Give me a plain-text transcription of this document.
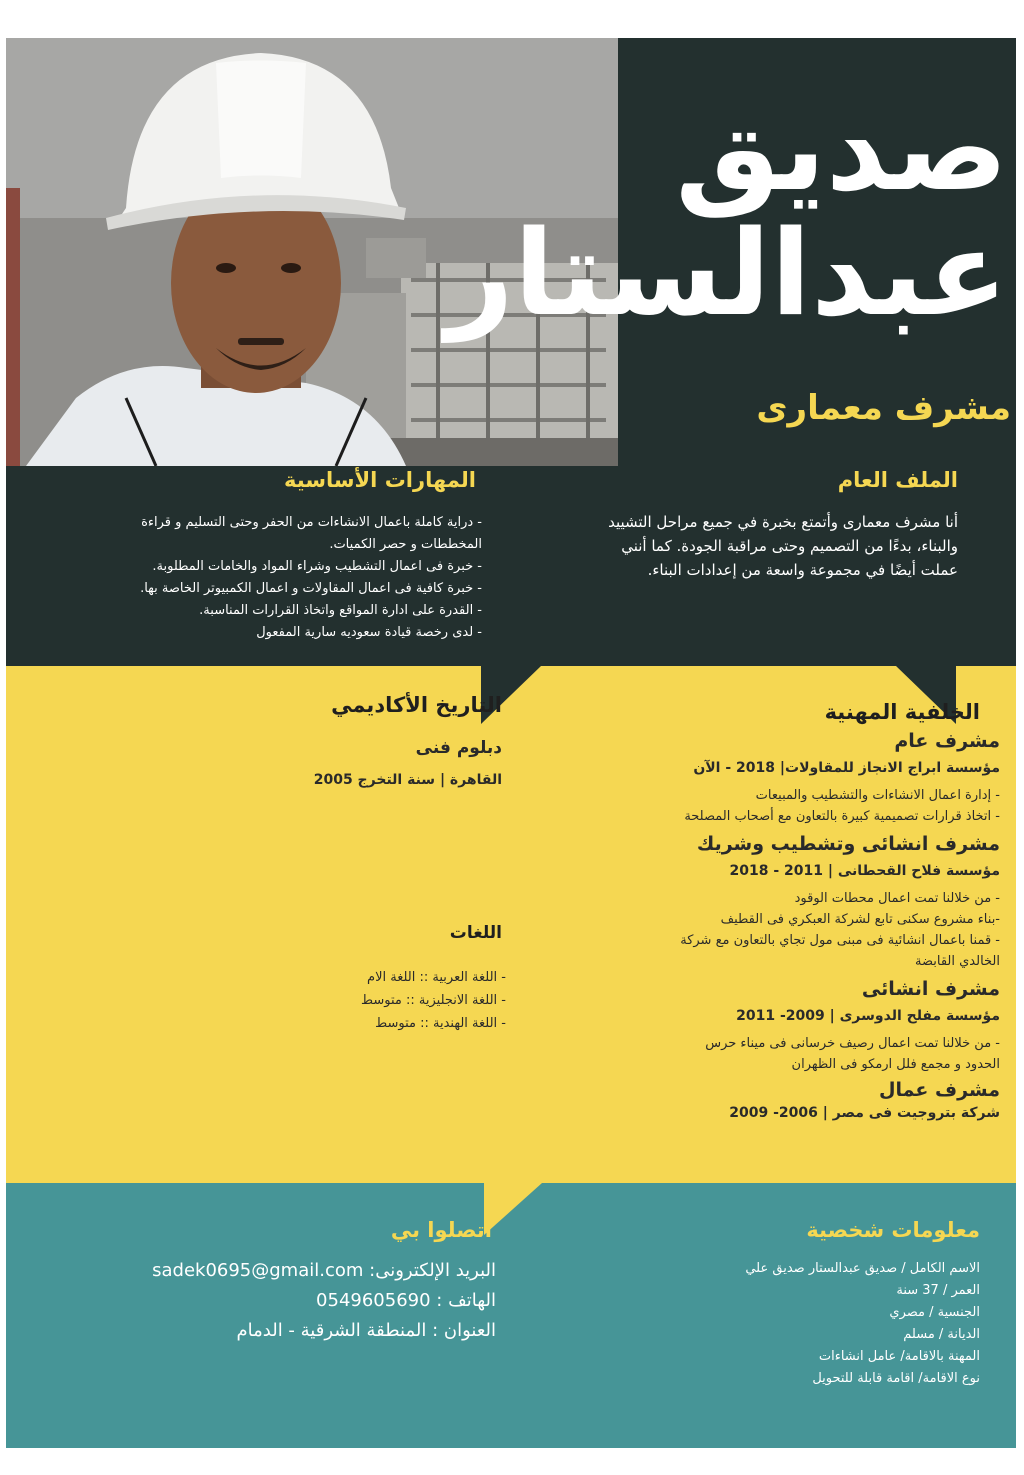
صديق
عبدالستار
مشرف معمارى
الملف العام
أنا مشرف معمارى وأتمتع بخبرة في جميع مراحل التشييد والبناء، بدءًا من التصميم وحتى مراقبة الجودة. كما أنني عملت أيضًا في مجموعة واسعة من إعدادات البناء.
المهارات الأساسية
- دراية كاملة باعمال الانشاءات من الحفر وحتى التسليم و قراءة المخططات و حصر الكميات.
- خبرة فى اعمال التشطيب وشراء المواد والخامات المطلوبة.
- خبرة كافية فى اعمال المقاولات و اعمال الكمبيوتر الخاصة بها.
- القدرة على ادارة المواقع واتخاذ القرارات المناسبة.
- لدى رخصة قيادة سعوديه سارية المفعول
الخلفية المهنية
مشرف عام
مؤسسة ابراج الانجاز للمقاولات| 2018 - الآن
- إدارة اعمال الانشاءات والتشطيب والمبيعات
- اتخاذ قرارات تصميمية كبيرة بالتعاون مع أصحاب المصلحة
مشرف انشائى وتشطيب وشريك
مؤسسة فلاح القحطانى | 2011 - 2018
- من خلالنا تمت اعمال محطات الوقود
-بناء مشروع سكنى تابع لشركة العبكري فى القطيف
- قمنا باعمال انشائية فى مبنى مول تجاي بالتعاون مع شركة الخالدي القابضة
مشرف انشائى
مؤسسة مفلح الدوسرى | 2009- 2011
- من خلالنا تمت اعمال رصيف خرسانى فى ميناء حرس الحدود و مجمع فلل ارمكو فى الظهران
مشرف عمال
شركة بتروجيت فى مصر | 2006- 2009
التاريخ الأكاديمي
دبلوم فنى
القاهرة | سنة التخرج 2005
اللغات
- اللغة العربية :: اللغة الام
- اللغة الانجليزية :: متوسط
- اللغة الهندية :: متوسط
معلومات شخصية
الاسم الكامل / صديق عبدالستار صديق علي
العمر / 37 سنة
الجنسية / مصري
الديانة / مسلم
المهنة بالاقامة/ عامل انشاءات
نوع الاقامة/ اقامة قابلة للتحويل
اتصلوا بي
البريد الإلكترونى: sadek0695@gmail.com
الهاتف : 0549605690
العنوان : المنطقة الشرقية - الدمام
